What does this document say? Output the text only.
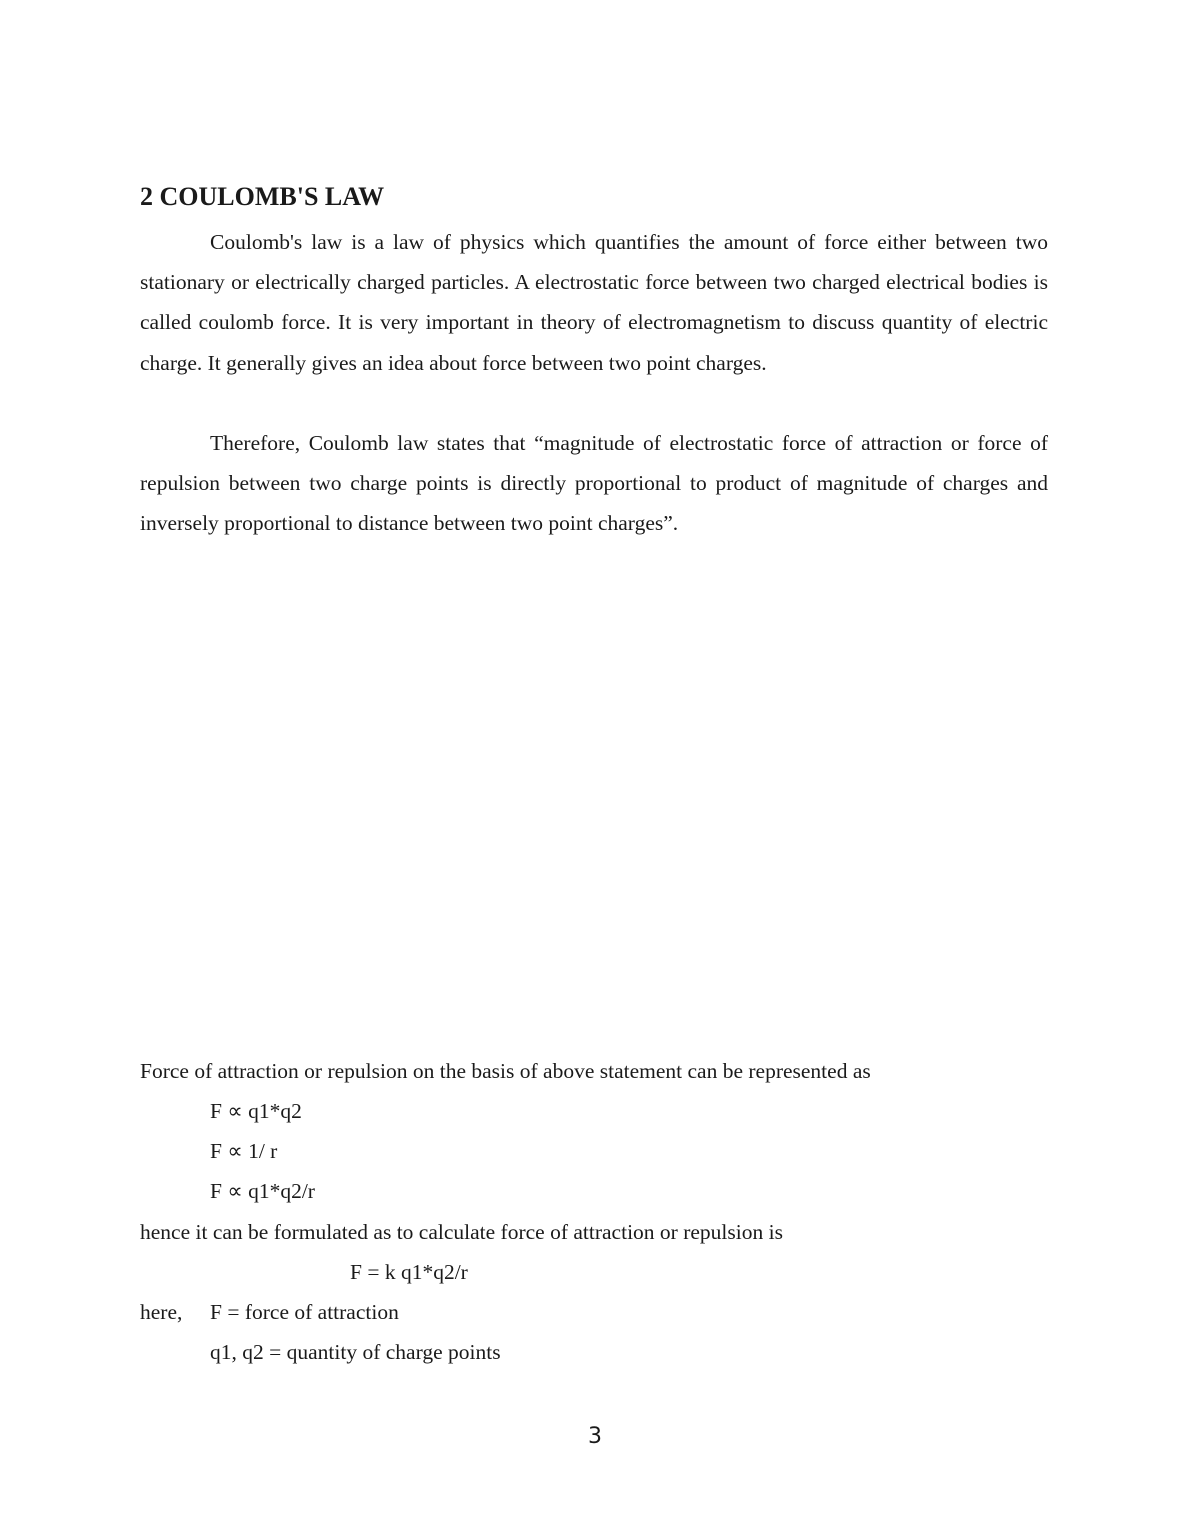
2 COULOMB'S LAW

Coulomb's law is a law of physics which quantifies the amount of force either between two stationary or electrically charged particles. A electrostatic force between two charged electrical bodies is called coulomb force. It is very important in theory of electromagnetism to discuss quantity of electric charge. It generally gives an idea about force between two point charges.

Therefore, Coulomb law states that “magnitude of electrostatic force of attraction or force of repulsion between two charge points is directly proportional to product of magnitude of charges and inversely proportional to distance between two point charges”.

Force of attraction or repulsion on the basis of above statement can be represented as

F ∝ q1*q2

F ∝ 1/ r

F ∝ q1*q2/r

hence it can be formulated as to calculate force of attraction or repulsion is

F = k q1*q2/r

here, F = force of attraction

q1, q2 = quantity of charge points

3
